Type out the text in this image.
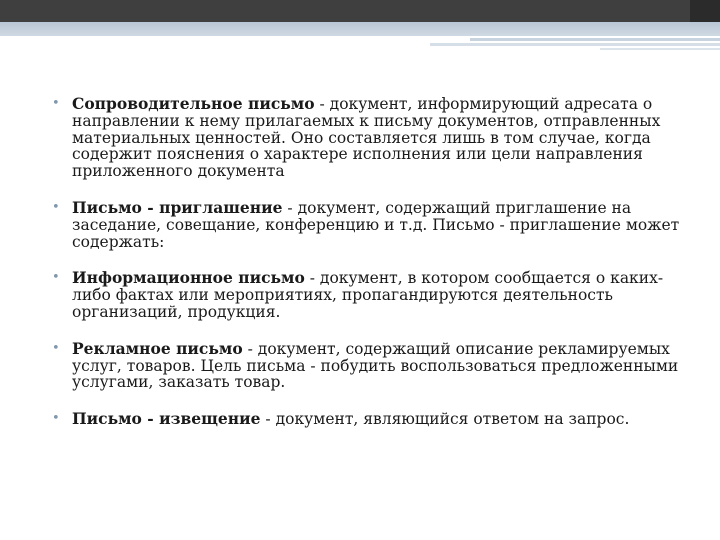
• Сопроводительное письмо - документ, информирующий адресата о направлении к нему прилагаемых к письму документов, отправленных материальных ценностей. Оно составляется лишь в том случае, когда содержит пояснения о характере исполнения или цели направления приложенного документа
• Письмо - приглашение - документ, содержащий приглашение на заседание, совещание, конференцию и т.д. Письмо - приглашение может содержать:
• Информационное письмо - документ, в котором сообщается о каких-либо фактах или мероприятиях, пропагандируются деятельность организаций, продукция.
• Рекламное письмо - документ, содержащий описание рекламируемых услуг, товаров. Цель письма - побудить воспользоваться предложенными услугами, заказать товар.
• Письмо - извещение - документ, являющийся ответом на запрос.
